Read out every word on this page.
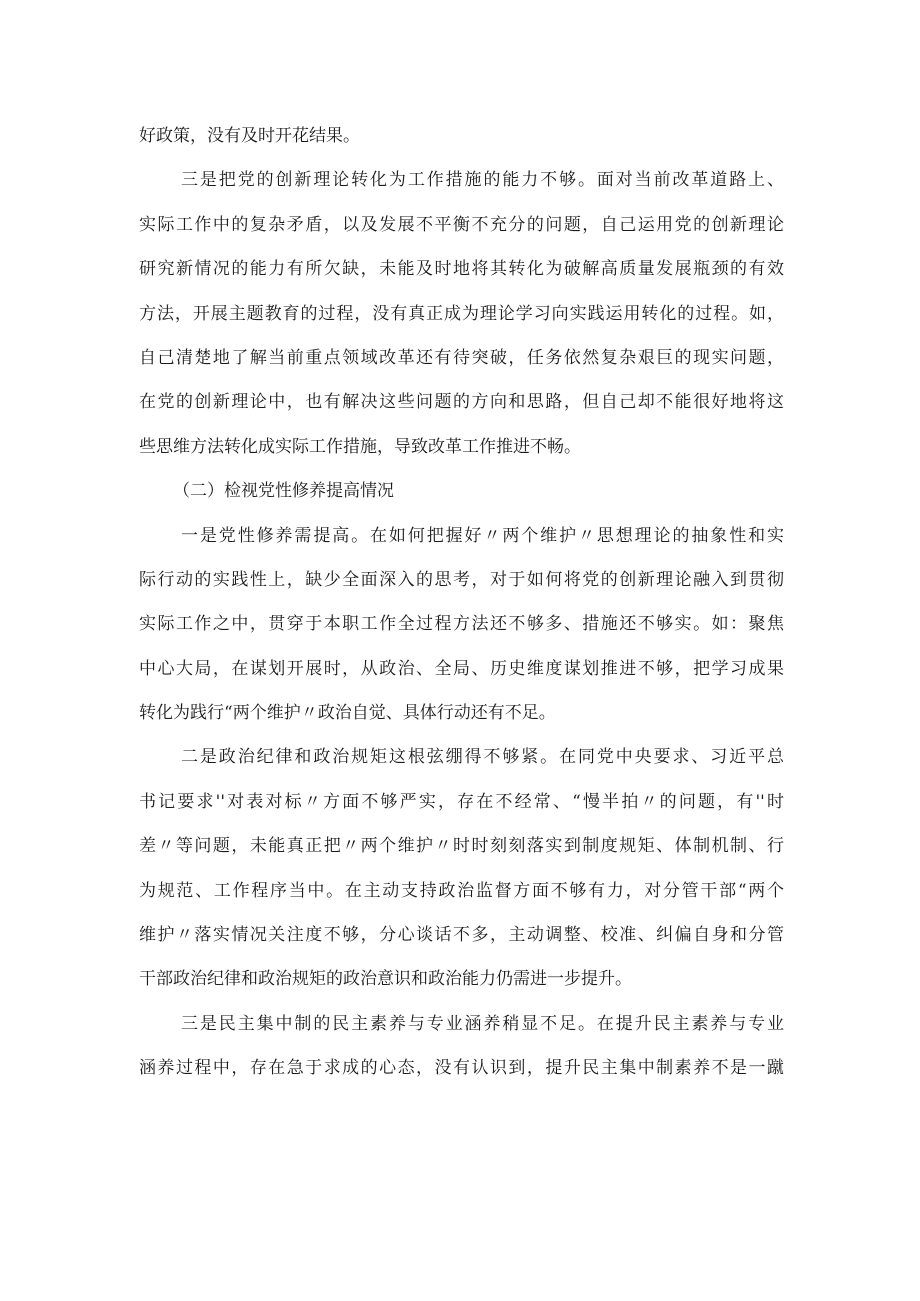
好政策，没有及时开花结果。
三是把党的创新理论转化为工作措施的能力不够。面对当前改革道路上、
实际工作中的复杂矛盾，以及发展不平衡不充分的问题，自己运用党的创新理论
研究新情况的能力有所欠缺，未能及时地将其转化为破解高质量发展瓶颈的有效
方法，开展主题教育的过程，没有真正成为理论学习向实践运用转化的过程。如，
自己清楚地了解当前重点领域改革还有待突破，任务依然复杂艰巨的现实问题，
在党的创新理论中，也有解决这些问题的方向和思路，但自己却不能很好地将这
些思维方法转化成实际工作措施，导致改革工作推进不畅。
（二）检视党性修养提高情况
一是党性修养需提高。在如何把握好〃两个维护〃思想理论的抽象性和实
际行动的实践性上，缺少全面深入的思考，对于如何将党的创新理论融入到贯彻
实际工作之中，贯穿于本职工作全过程方法还不够多、措施还不够实。如：聚焦
中心大局，在谋划开展时，从政治、全局、历史维度谋划推进不够，把学习成果
转化为践行“两个维护〃政治自觉、具体行动还有不足。
二是政治纪律和政治规矩这根弦绷得不够紧。在同党中央要求、习近平总
书记要求''对表对标〃方面不够严实，存在不经常、“慢半拍〃的问题，有''时
差〃等问题，未能真正把〃两个维护〃时时刻刻落实到制度规矩、体制机制、行
为规范、工作程序当中。在主动支持政治监督方面不够有力，对分管干部“两个
维护〃落实情况关注度不够，分心谈话不多，主动调整、校准、纠偏自身和分管
干部政治纪律和政治规矩的政治意识和政治能力仍需进一步提升。
三是民主集中制的民主素养与专业涵养稍显不足。在提升民主素养与专业
涵养过程中，存在急于求成的心态，没有认识到，提升民主集中制素养不是一蹴
